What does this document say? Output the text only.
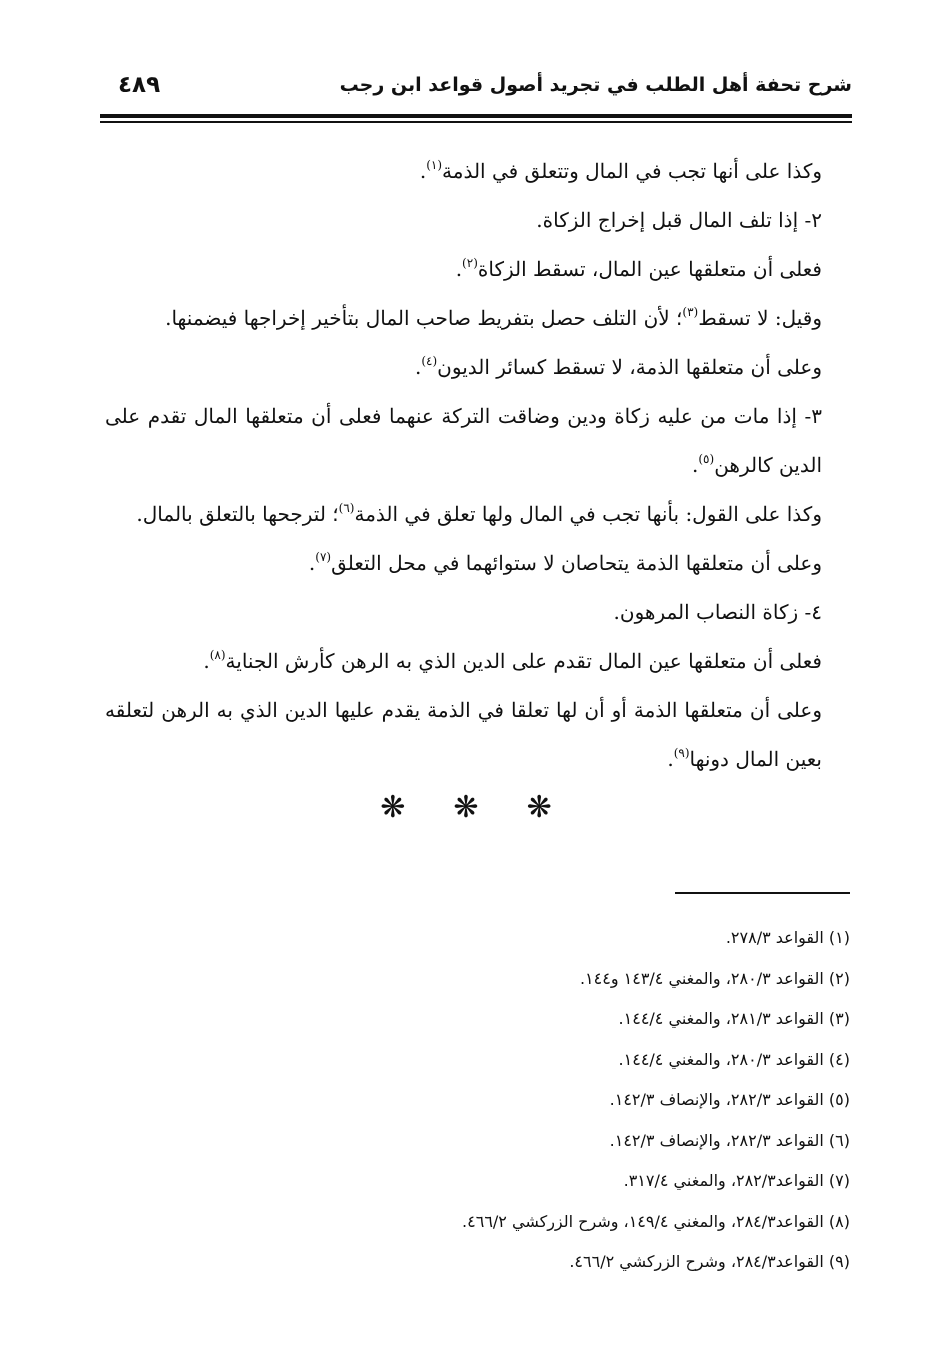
شرح تحفة أهل الطلب في تجريد أصول قواعد ابن رجب
٤٨٩

وكذا على أنها تجب في المال وتتعلق في الذمة$^{(١)}$.

٢- إذا تلف المال قبل إخراج الزكاة.

فعلى أن متعلقها عين المال، تسقط الزكاة$^{(٢)}$.

وقيل: لا تسقط$^{(٣)}$؛ لأن التلف حصل بتفريط صاحب المال بتأخير إخراجها فيضمنها.

وعلى أن متعلقها الذمة، لا تسقط كسائر الديون$^{(٤)}$.

٣- إذا مات من عليه زكاة ودين وضاقت التركة عنهما فعلى أن متعلقها المال تقدم على الدين كالرهن$^{(٥)}$.

وكذا على القول: بأنها تجب في المال ولها تعلق في الذمة$^{(٦)}$؛ لترجحها بالتعلق بالمال.

وعلى أن متعلقها الذمة يتحاصان لا ستوائهما في محل التعلق$^{(٧)}$.

٤- زكاة النصاب المرهون.

فعلى أن متعلقها عين المال تقدم على الدين الذي به الرهن كأرش الجناية$^{(٨)}$.

وعلى أن متعلقها الذمة أو أن لها تعلقا في الذمة يقدم عليها الدين الذي به الرهن لتعلقه بعين المال دونها$^{(٩)}$.

❋ ❋ ❋

(١) القواعد ٢٧٨/٣.

(٢) القواعد ٢٨٠/٣، والمغني ١٤٣/٤ و١٤٤.

(٣) القواعد ٢٨١/٣، والمغني ١٤٤/٤.

(٤) القواعد ٢٨٠/٣، والمغني ١٤٤/٤.

(٥) القواعد ٢٨٢/٣، والإنصاف ١٤٢/٣.

(٦) القواعد ٢٨٢/٣، والإنصاف ١٤٢/٣.

(٧) القواعد٢٨٢/٣، والمغني ٣١٧/٤.

(٨) القواعد٢٨٤/٣، والمغني ١٤٩/٤، وشرح الزركشي ٤٦٦/٢.

(٩) القواعد٢٨٤/٣، وشرح الزركشي ٤٦٦/٢.
